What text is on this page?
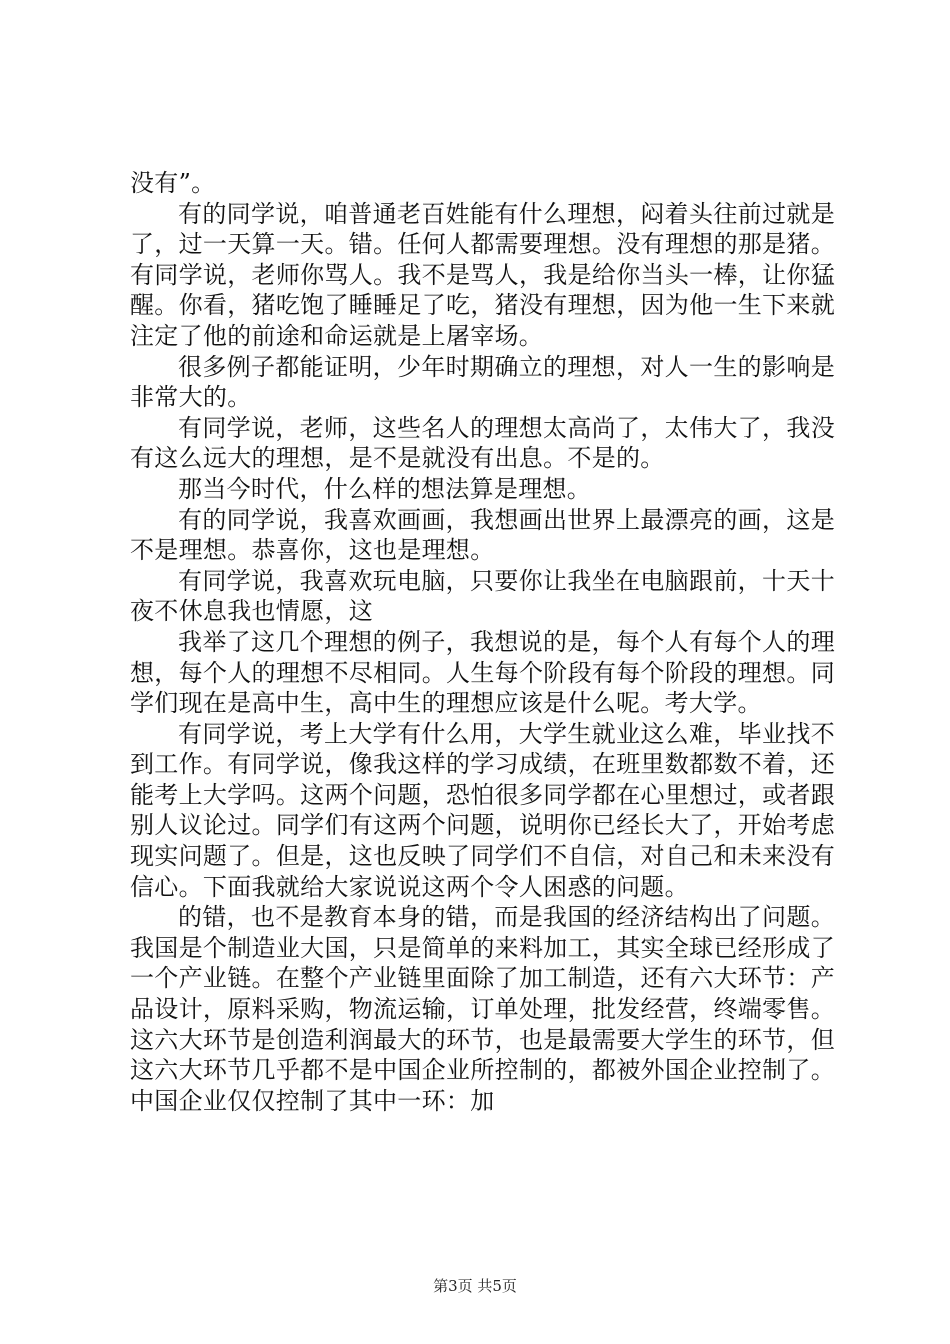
没有”。

有的同学说，咱普通老百姓能有什么理想，闷着头往前过就是了，过一天算一天。错。任何人都需要理想。没有理想的那是猪。有同学说，老师你骂人。我不是骂人，我是给你当头一棒，让你猛醒。你看，猪吃饱了睡睡足了吃，猪没有理想，因为他一生下来就注定了他的前途和命运就是上屠宰场。

很多例子都能证明，少年时期确立的理想，对人一生的影响是非常大的。

有同学说，老师，这些名人的理想太高尚了，太伟大了，我没有这么远大的理想，是不是就没有出息。不是的。

那当今时代，什么样的想法算是理想。

有的同学说，我喜欢画画，我想画出世界上最漂亮的画，这是不是理想。恭喜你，这也是理想。

有同学说，我喜欢玩电脑，只要你让我坐在电脑跟前，十天十夜不休息我也情愿，这

我举了这几个理想的例子，我想说的是，每个人有每个人的理想，每个人的理想不尽相同。人生每个阶段有每个阶段的理想。同学们现在是高中生，高中生的理想应该是什么呢。考大学。

有同学说，考上大学有什么用，大学生就业这么难，毕业找不到工作。有同学说，像我这样的学习成绩，在班里数都数不着，还能考上大学吗。这两个问题，恐怕很多同学都在心里想过，或者跟别人议论过。同学们有这两个问题，说明你已经长大了，开始考虑现实问题了。但是，这也反映了同学们不自信，对自己和未来没有信心。下面我就给大家说说这两个令人困惑的问题。

的错，也不是教育本身的错，而是我国的经济结构出了问题。我国是个制造业大国，只是简单的来料加工，其实全球已经形成了一个产业链。在整个产业链里面除了加工制造，还有六大环节：产品设计，原料采购，物流运输，订单处理，批发经营，终端零售。这六大环节是创造利润最大的环节，也是最需要大学生的环节，但这六大环节几乎都不是中国企业所控制的，都被外国企业控制了。中国企业仅仅控制了其中一环：加

第3页 共5页
